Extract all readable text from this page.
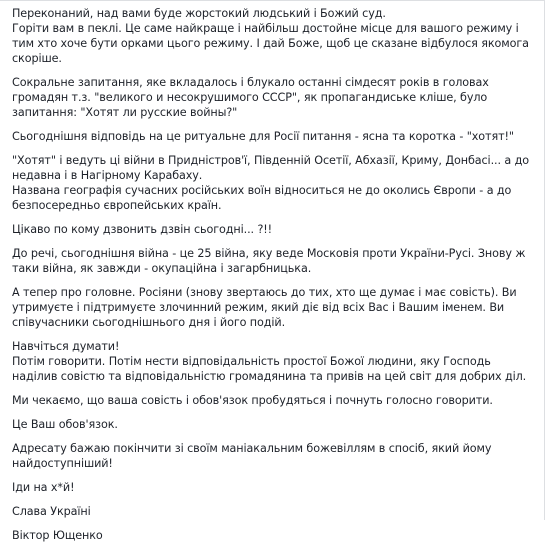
Переконаний, над вами буде жорстокий людський і Божий суд.
Горіти вам в пеклі. Це саме найкраще і найбільш достойне місце для вашого режиму і тим хто хоче бути орками цього режиму. І дай Боже, щоб це сказане відбулося якомога скоріше.

Сокральне запитання, яке вкладалось і блукало останні сімдесят років в головах громадян т.з. "великого и несокрушимого СССР", як пропагандиське кліше, було запитання: "Хотят ли русские войны?"

Сьогоднішня відповідь на це ритуальне для Росії питання - ясна та коротка - "хотят!"

"Хотят" і ведуть ці війни в Придністров'ї, Південній Осетії, Абхазії, Криму, Донбасі... а до недавна і в Нагірному Карабаху.
Названа географія сучасних російських воїн відноситься не до околись Європи - а до безпосередньо європейських країн.

Цікаво по кому дзвонить дзвін сьогодні... ?!!

До речі, сьогоднішня війна - це 25 війна, яку веде Московія проти України-Русі. Знову ж таки війна, як завжди - окупаційна і загарбницька.

А тепер про головне. Росіяни (знову звертаюсь до тих, хто ще думає і має совість). Ви утримуєте і підтримуєте злочинний режим, який діє від всіх Вас і Вашим іменем. Ви співучасники сьогоднішнього дня і його подій.

Навчіться думати!
Потім говорити. Потім нести відповідальність простої Божої людини, яку Господь наділив совістю та відповідальністю громадянина та привів на цей світ для добрих діл.

Ми чекаємо, що ваша совість і обов'язок пробудяться і почнуть голосно говорити.

Це Ваш обов'язок.

Адресату бажаю покінчити зі своїм маніакальним божевіллям в спосіб, який йому найдоступніший!

Іди на х*й!

Слава Україні

Віктор Ющенко
